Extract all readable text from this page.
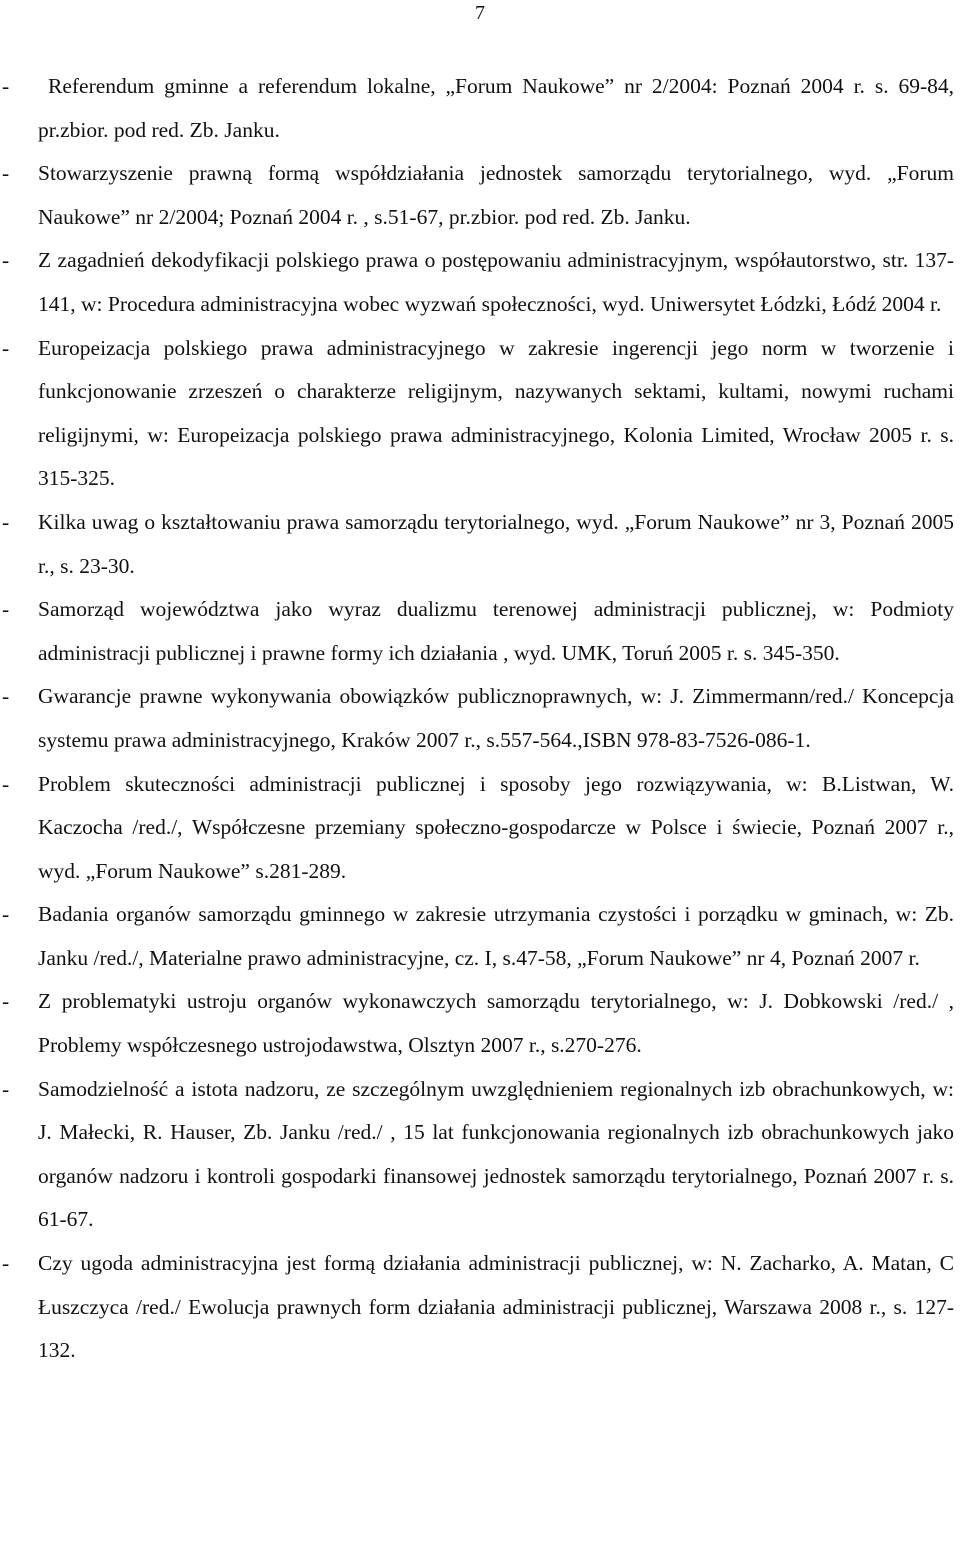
7
-	Referendum gminne a referendum lokalne, „Forum Naukowe” nr 2/2004: Poznań 2004 r. s. 69-84, pr.zbior. pod red. Zb. Janku.
- Stowarzyszenie prawną formą współdziałania jednostek samorządu terytorialnego, wyd. „Forum Naukowe” nr 2/2004; Poznań 2004 r. , s.51-67, pr.zbior. pod red. Zb. Janku.
- Z zagadnień dekodyfikacji polskiego prawa o postępowaniu administracyjnym, współautorstwo, str. 137-141, w: Procedura administracyjna wobec wyzwań społeczności, wyd. Uniwersytet Łódzki, Łódź 2004 r.
- Europeizacja polskiego prawa administracyjnego w zakresie ingerencji jego norm w tworzenie i funkcjonowanie zrzeszeń o charakterze religijnym, nazywanych sektami, kultami, nowymi ruchami religijnymi, w: Europeizacja polskiego prawa administracyjnego, Kolonia Limited, Wrocław 2005 r. s. 315-325.
- Kilka uwag o kształtowaniu prawa samorządu terytorialnego, wyd. „Forum Naukowe” nr 3, Poznań 2005 r., s. 23-30.
- Samorząd województwa jako wyraz dualizmu terenowej administracji publicznej, w: Podmioty administracji publicznej i prawne formy ich działania , wyd. UMK, Toruń 2005 r. s. 345-350.
- Gwarancje prawne wykonywania obowiązków publicznoprawnych, w: J. Zimmermann/red./ Koncepcja systemu prawa administracyjnego, Kraków 2007 r., s.557-564.,ISBN 978-83-7526-086-1.
- Problem skuteczności administracji publicznej i sposoby jego rozwiązywania, w: B.Listwan, W. Kaczocha /red./, Współczesne przemiany społeczno-gospodarcze w Polsce i świecie, Poznań 2007 r., wyd. „Forum Naukowe” s.281-289.
- Badania organów samorządu gminnego w zakresie utrzymania czystości i porządku w gminach, w: Zb. Janku /red./, Materialne prawo administracyjne, cz. I, s.47-58, „Forum Naukowe” nr 4, Poznań 2007 r.
- Z problematyki ustroju organów wykonawczych samorządu terytorialnego, w: J. Dobkowski /red./ , Problemy współczesnego ustrojodawstwa, Olsztyn 2007 r., s.270-276.
- Samodzielność a istota nadzoru, ze szczególnym uwzględnieniem regionalnych izb obrachunkowych, w: J. Małecki, R. Hauser, Zb. Janku /red./ , 15 lat funkcjonowania regionalnych izb obrachunkowych jako organów nadzoru i kontroli gospodarki finansowej jednostek samorządu terytorialnego, Poznań 2007 r. s. 61-67.
- Czy ugoda administracyjna jest formą działania administracji publicznej, w: N. Zacharko, A. Matan, C Łuszczyca /red./ Ewolucja prawnych form działania administracji publicznej, Warszawa 2008 r., s. 127-132.
